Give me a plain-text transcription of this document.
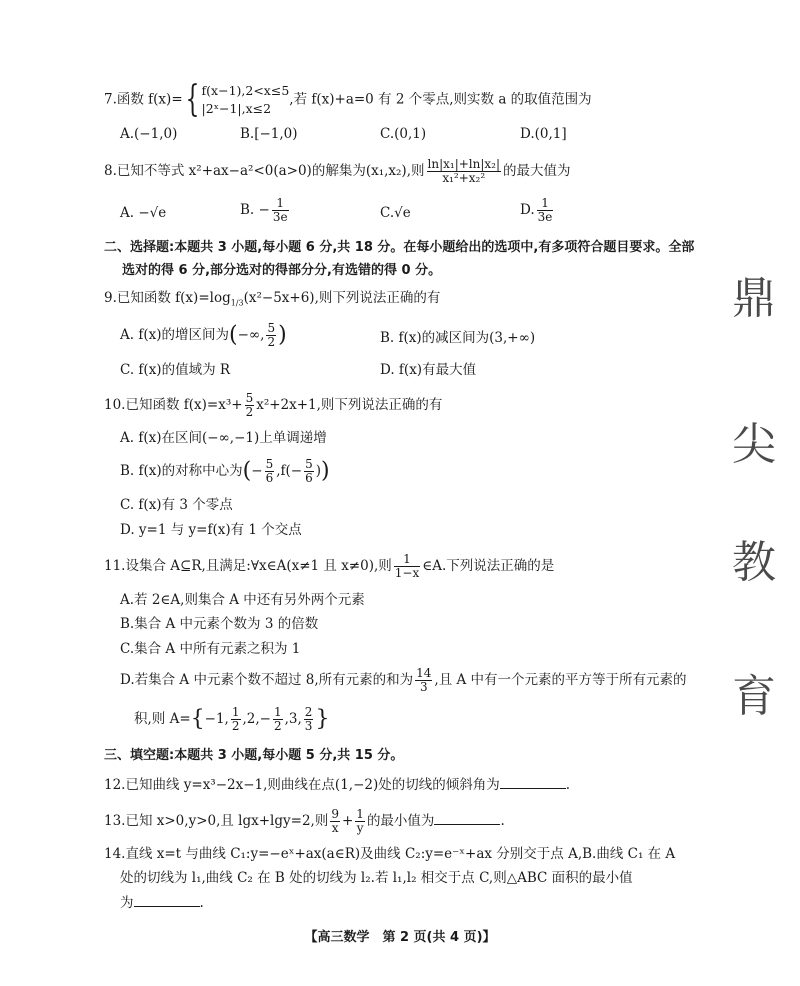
7.函数 f(x)={ f(x−1),2<x≤5
|2ˣ−1|,x≤2
,若 f(x)+a=0 有 2 个零点,则实数 a 的取值范围为
A.(−1,0)	B.[−1,0)	C.(0,1)	D.(0,1]
8.已知不等式 x²+ax−a²<0(a>0)的解集为(x₁,x₂),则 $\frac{\text{ln|x₁|+ln|x₂|}}{\text{x₁²+x₂²}}$ 的最大值为
A. −√e	B. − $\frac{1}{3e}$	C.√e	D. $\frac{1}{3e}$
二、选择题:本题共 3 小题,每小题 6 分,共 18 分。在每小题给出的选项中,有多项符合题目要求。全部
选对的得 6 分,部分选对的得部分分,有选错的得 0 分。
9.已知函数 $f(x)=\log_{1/3}(x^2-5x+6)$,则下列说法正确的有
A. f(x)的增区间为(−∞, $\frac{5}{2}$ )	B. f(x)的减区间为(3,+∞)
C. f(x)的值域为 R	D. f(x)有最大值
10.已知函数 $f(x)=x^3+ \frac{5}{2} x^2+2x+1$,则下列说法正确的有
A. f(x)在区间(−∞,−1)上单调递增
B. f(x)的对称中心为(− $\frac{5}{6} ,f(- \frac{5}{6}$ ))
C. f(x)有 3 个零点
D. y=1 与 y=f(x)有 1 个交点
11.设集合 A⊆R,且满足:∀x∈A(x≠1 且 x≠0),则 $\frac{1}{1-x}$ ∈A.下列说法正确的是
A.若 2∈A,则集合 A 中还有另外两个元素
B.集合 A 中元素个数为 3 的倍数
C.集合 A 中所有元素之积为 1
D.若集合 A 中元素个数不超过 8,所有元素的和为 $\frac{14}{3}$ ,且 A 中有一个元素的平方等于所有元素的
积,则 A={−1, $\frac{1}{2} ,2,- \frac{1}{2} ,3$, $\frac{2}{3}$ }
三、填空题:本题共 3 小题,每小题 5 分,共 15 分。
12.已知曲线 y=x³−2x−1,则曲线在点(1,−2)处的切线的倾斜角为	.
13.已知 x>0,y>0,且 lgx+lgy=2,则 $\frac{9}{x} + \frac{1}{y}$ 的最小值为	.
14.直线 x=t 与曲线 C₁:y=−eˣ+ax(a∈R)及曲线 C₂:y=e⁻ˣ+ax 分别交于点 A,B.曲线 C₁ 在 A
处的切线为 l₁,曲线 C₂ 在 B 处的切线为 l₂.若 l₁,l₂ 相交于点 C,则△ABC 面积的最小值
为	.
鼎
尖
教
育
【高三数学　第 2 页(共 4 页)】
